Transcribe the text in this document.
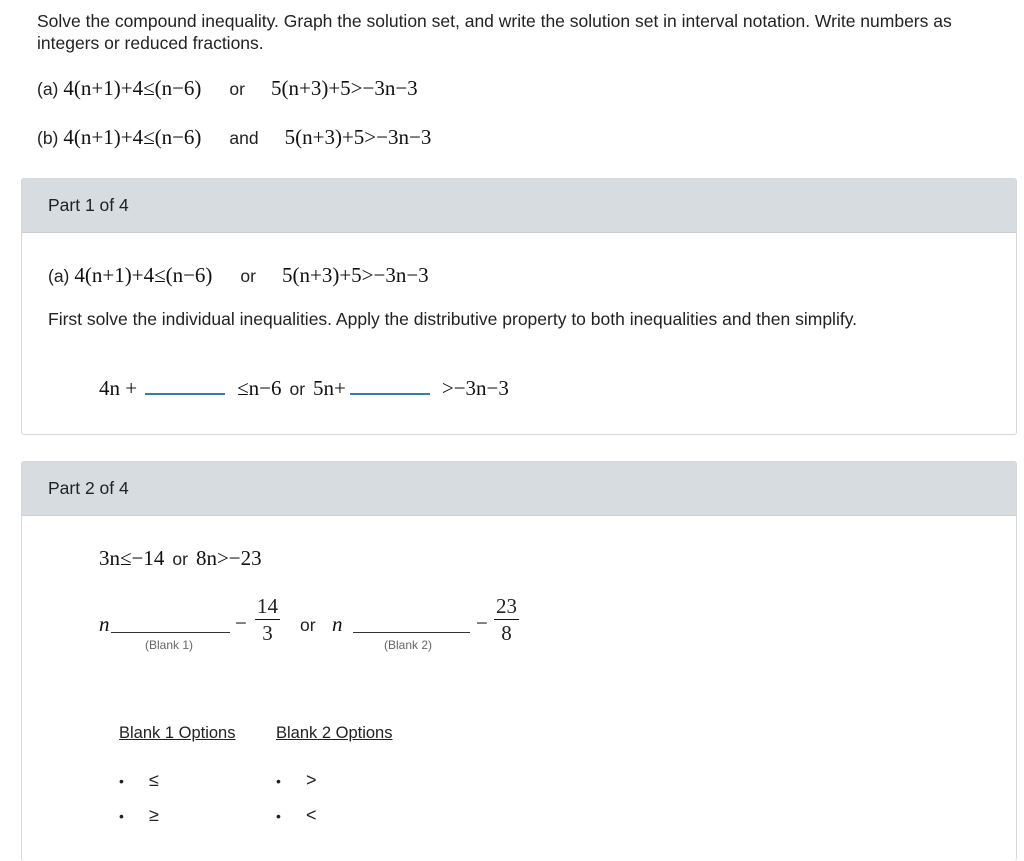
Solve the compound inequality. Graph the solution set, and write the solution set in interval notation. Write numbers as integers or reduced fractions.
(a) 4(n+1)+4≤(n−6) or 5(n+3)+5>−3n−3
(b) 4(n+1)+4≤(n−6) and 5(n+3)+5>−3n−3
Part 1 of 4
(a) 4(n+1)+4≤(n−6) or 5(n+3)+5>−3n−3
First solve the individual inequalities. Apply the distributive property to both inequalities and then simplify.
4n +	≤n−6 or 5n+	>−3n−3
Part 2 of 4
3n≤−14 or 8n>−23
n
(Blank 1)
− $\frac{14}{3}$ or n
(Blank 2)
− $\frac{23}{8}$
Blank 1 Options Blank 2 Options
• ≤
• ≥
• >
• <
